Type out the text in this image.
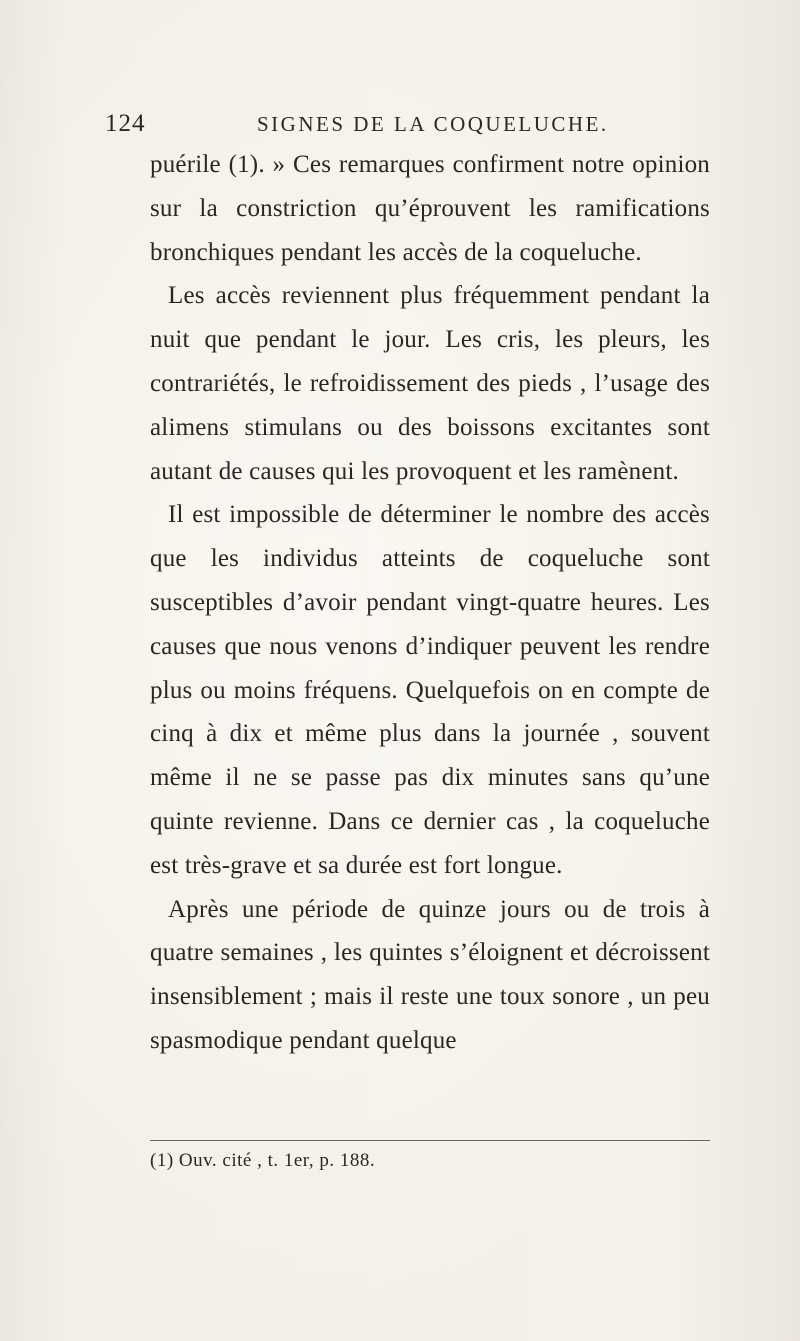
124	SIGNES DE LA COQUELUCHE.

puérile (1). » Ces remarques confirment notre opinion sur la constriction qu’éprouvent les ramifications bronchiques pendant les accès de la coqueluche.

Les accès reviennent plus fréquemment pendant la nuit que pendant le jour. Les cris, les pleurs, les contrariétés, le refroidissement des pieds , l’usage des alimens stimulans ou des boissons excitantes sont autant de causes qui les provoquent et les ramènent.

Il est impossible de déterminer le nombre des accès que les individus atteints de coqueluche sont susceptibles d’avoir pendant vingt-quatre heures. Les causes que nous venons d’indiquer peuvent les rendre plus ou moins fréquens. Quelquefois on en compte de cinq à dix et même plus dans la journée , souvent même il ne se passe pas dix minutes sans qu’une quinte revienne. Dans ce dernier cas , la coqueluche est très-grave et sa durée est fort longue.

Après une période de quinze jours ou de trois à quatre semaines , les quintes s’éloignent et décroissent insensiblement ; mais il reste une toux sonore , un peu spasmodique pendant quelque

(1) Ouv. cité , t. 1er, p. 188.
